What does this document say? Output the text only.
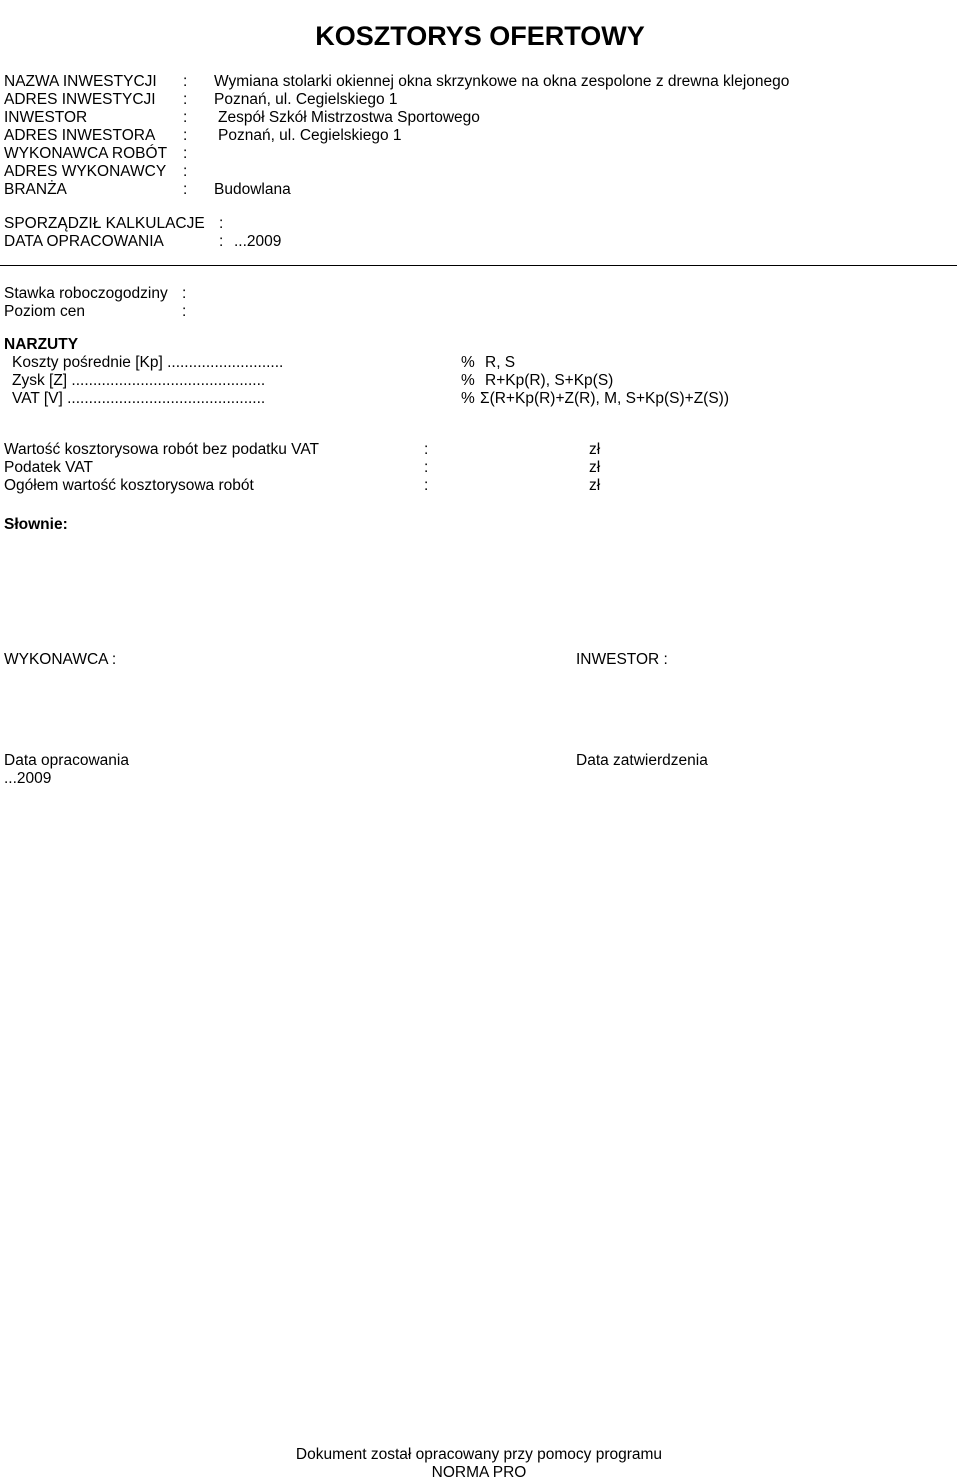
KOSZTORYS OFERTOWY
NAZWA INWESTYCJI : Wymiana stolarki okiennej okna skrzynkowe na okna zespolone z drewna klejonego
ADRES INWESTYCJI : Poznań, ul. Cegielskiego 1
INWESTOR	: Zespół Szkół Mistrzostwa Sportowego
ADRES INWESTORA : Poznań, ul. Cegielskiego 1
WYKONAWCA ROBÓT :
ADRES WYKONAWCY :
BRANŻA	: Budowlana
SPORZĄDZIŁ KALKULACJE :
DATA OPRACOWANIA	: ...2009
Stawka roboczogodziny :
Poziom cen	:
NARZUTY
Koszty pośrednie [Kp] ...........................	% R, S
Zysk [Z] .............................................	% R+Kp(R), S+Kp(S)
VAT [V] ..............................................	% Σ(R+Kp(R)+Z(R), M, S+Kp(S)+Z(S))
Wartość kosztorysowa robót bez podatku VAT	:	zł
Podatek VAT	:	zł
Ogółem wartość kosztorysowa robót	:	zł
Słownie:
WYKONAWCA :	INWESTOR :
Data opracowania
...2009
Data zatwierdzenia
Dokument został opracowany przy pomocy programu
NORMA PRO
